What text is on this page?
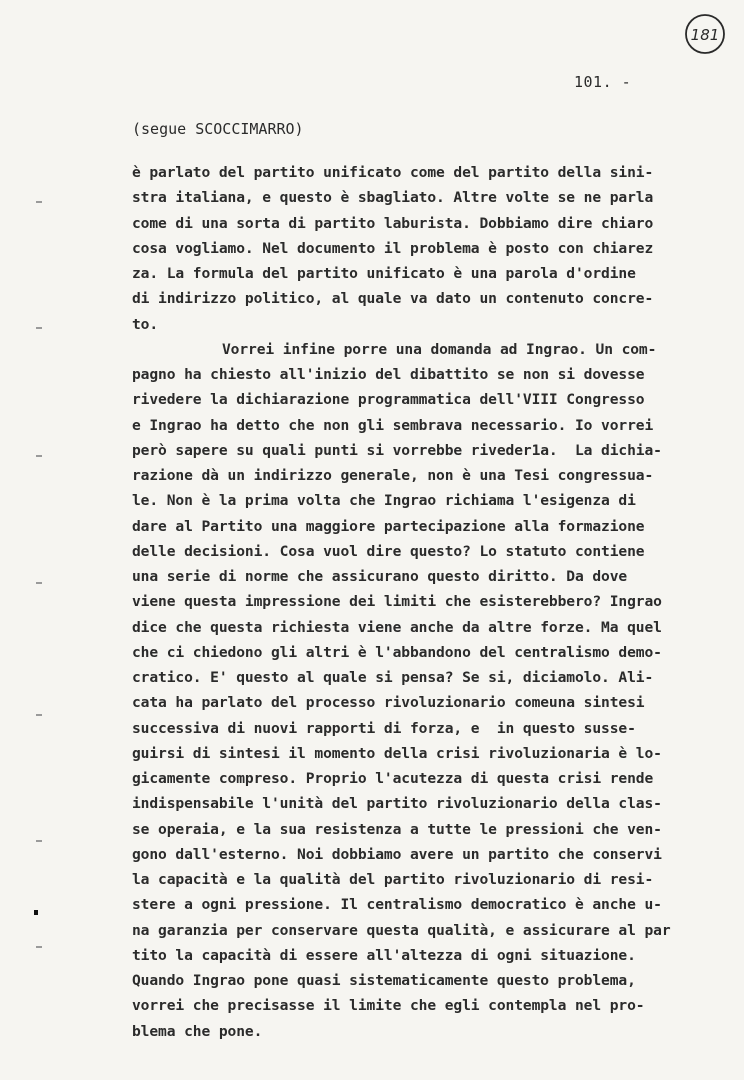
181
101. -
(segue SCOCCIMARRO)
è parlato del partito unificato come del partito della sini-
stra italiana, e questo è sbagliato. Altre volte se ne parla
come di una sorta di partito laburista. Dobbiamo dire chiaro
cosa vogliamo. Nel documento il problema è posto con chiarez
za. La formula del partito unificato è una parola d'ordine
di indirizzo politico, al quale va dato un contenuto concre-
to.
Vorrei infine porre una domanda ad Ingrao. Un com-
pagno ha chiesto all'inizio del dibattito se non si dovesse
rivedere la dichiarazione programmatica dell'VIII Congresso
e Ingrao ha detto che non gli sembrava necessario. Io vorrei
però sapere su quali punti si vorrebbe riveder1a.  La dichia-
razione dà un indirizzo generale, non è una Tesi congressua-
le. Non è la prima volta che Ingrao richiama l'esigenza di
dare al Partito una maggiore partecipazione alla formazione
delle decisioni. Cosa vuol dire questo? Lo statuto contiene
una serie di norme che assicurano questo diritto. Da dove
viene questa impressione dei limiti che esisterebbero? Ingrao
dice che questa richiesta viene anche da altre forze. Ma quel
che ci chiedono gli altri è l'abbandono del centralismo demo-
cratico. E' questo al quale si pensa? Se si, diciamolo. Ali-
cata ha parlato del processo rivoluzionario comeuna sintesi
successiva di nuovi rapporti di forza, e  in questo susse-
guirsi di sintesi il momento della crisi rivoluzionaria è lo-
gicamente compreso. Proprio l'acutezza di questa crisi rende
indispensabile l'unità del partito rivoluzionario della clas-
se operaia, e la sua resistenza a tutte le pressioni che ven-
gono dall'esterno. Noi dobbiamo avere un partito che conservi
la capacità e la qualità del partito rivoluzionario di resi-
stere a ogni pressione. Il centralismo democratico è anche u-
na garanzia per conservare questa qualità, e assicurare al par
tito la capacità di essere all'altezza di ogni situazione.
Quando Ingrao pone quasi sistematicamente questo problema,
vorrei che precisasse il limite che egli contempla nel pro-
blema che pone.
